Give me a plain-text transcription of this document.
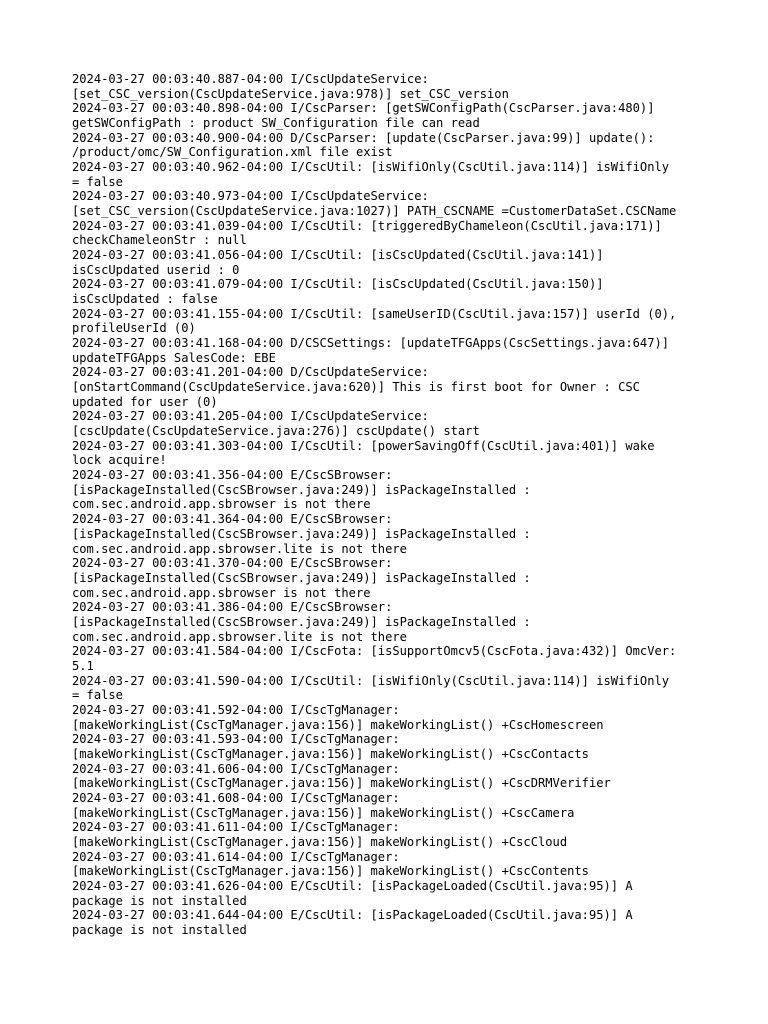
2024-03-27 00:03:40.887-04:00 I/CscUpdateService:
[set_CSC_version(CscUpdateService.java:978)] set_CSC_version
2024-03-27 00:03:40.898-04:00 I/CscParser: [getSWConfigPath(CscParser.java:480)]
getSWConfigPath : product SW_Configuration file can read
2024-03-27 00:03:40.900-04:00 D/CscParser: [update(CscParser.java:99)] update():
/product/omc/SW_Configuration.xml file exist
2024-03-27 00:03:40.962-04:00 I/CscUtil: [isWifiOnly(CscUtil.java:114)] isWifiOnly
= false
2024-03-27 00:03:40.973-04:00 I/CscUpdateService:
[set_CSC_version(CscUpdateService.java:1027)] PATH_CSCNAME =CustomerDataSet.CSCName
2024-03-27 00:03:41.039-04:00 I/CscUtil: [triggeredByChameleon(CscUtil.java:171)]
checkChameleonStr : null
2024-03-27 00:03:41.056-04:00 I/CscUtil: [isCscUpdated(CscUtil.java:141)]
isCscUpdated userid : 0
2024-03-27 00:03:41.079-04:00 I/CscUtil: [isCscUpdated(CscUtil.java:150)]
isCscUpdated : false
2024-03-27 00:03:41.155-04:00 I/CscUtil: [sameUserID(CscUtil.java:157)] userId (0),
profileUserId (0)
2024-03-27 00:03:41.168-04:00 D/CSCSettings: [updateTFGApps(CscSettings.java:647)]
updateTFGApps SalesCode: EBE
2024-03-27 00:03:41.201-04:00 D/CscUpdateService:
[onStartCommand(CscUpdateService.java:620)] This is first boot for Owner : CSC
updated for user (0)
2024-03-27 00:03:41.205-04:00 I/CscUpdateService:
[cscUpdate(CscUpdateService.java:276)] cscUpdate() start
2024-03-27 00:03:41.303-04:00 I/CscUtil: [powerSavingOff(CscUtil.java:401)] wake
lock acquire!
2024-03-27 00:03:41.356-04:00 E/CscSBrowser:
[isPackageInstalled(CscSBrowser.java:249)] isPackageInstalled :
com.sec.android.app.sbrowser is not there
2024-03-27 00:03:41.364-04:00 E/CscSBrowser:
[isPackageInstalled(CscSBrowser.java:249)] isPackageInstalled :
com.sec.android.app.sbrowser.lite is not there
2024-03-27 00:03:41.370-04:00 E/CscSBrowser:
[isPackageInstalled(CscSBrowser.java:249)] isPackageInstalled :
com.sec.android.app.sbrowser is not there
2024-03-27 00:03:41.386-04:00 E/CscSBrowser:
[isPackageInstalled(CscSBrowser.java:249)] isPackageInstalled :
com.sec.android.app.sbrowser.lite is not there
2024-03-27 00:03:41.584-04:00 I/CscFota: [isSupportOmcv5(CscFota.java:432)] OmcVer:
5.1
2024-03-27 00:03:41.590-04:00 I/CscUtil: [isWifiOnly(CscUtil.java:114)] isWifiOnly
= false
2024-03-27 00:03:41.592-04:00 I/CscTgManager:
[makeWorkingList(CscTgManager.java:156)] makeWorkingList() +CscHomescreen
2024-03-27 00:03:41.593-04:00 I/CscTgManager:
[makeWorkingList(CscTgManager.java:156)] makeWorkingList() +CscContacts
2024-03-27 00:03:41.606-04:00 I/CscTgManager:
[makeWorkingList(CscTgManager.java:156)] makeWorkingList() +CscDRMVerifier
2024-03-27 00:03:41.608-04:00 I/CscTgManager:
[makeWorkingList(CscTgManager.java:156)] makeWorkingList() +CscCamera
2024-03-27 00:03:41.611-04:00 I/CscTgManager:
[makeWorkingList(CscTgManager.java:156)] makeWorkingList() +CscCloud
2024-03-27 00:03:41.614-04:00 I/CscTgManager:
[makeWorkingList(CscTgManager.java:156)] makeWorkingList() +CscContents
2024-03-27 00:03:41.626-04:00 E/CscUtil: [isPackageLoaded(CscUtil.java:95)] A
package is not installed
2024-03-27 00:03:41.644-04:00 E/CscUtil: [isPackageLoaded(CscUtil.java:95)] A
package is not installed
